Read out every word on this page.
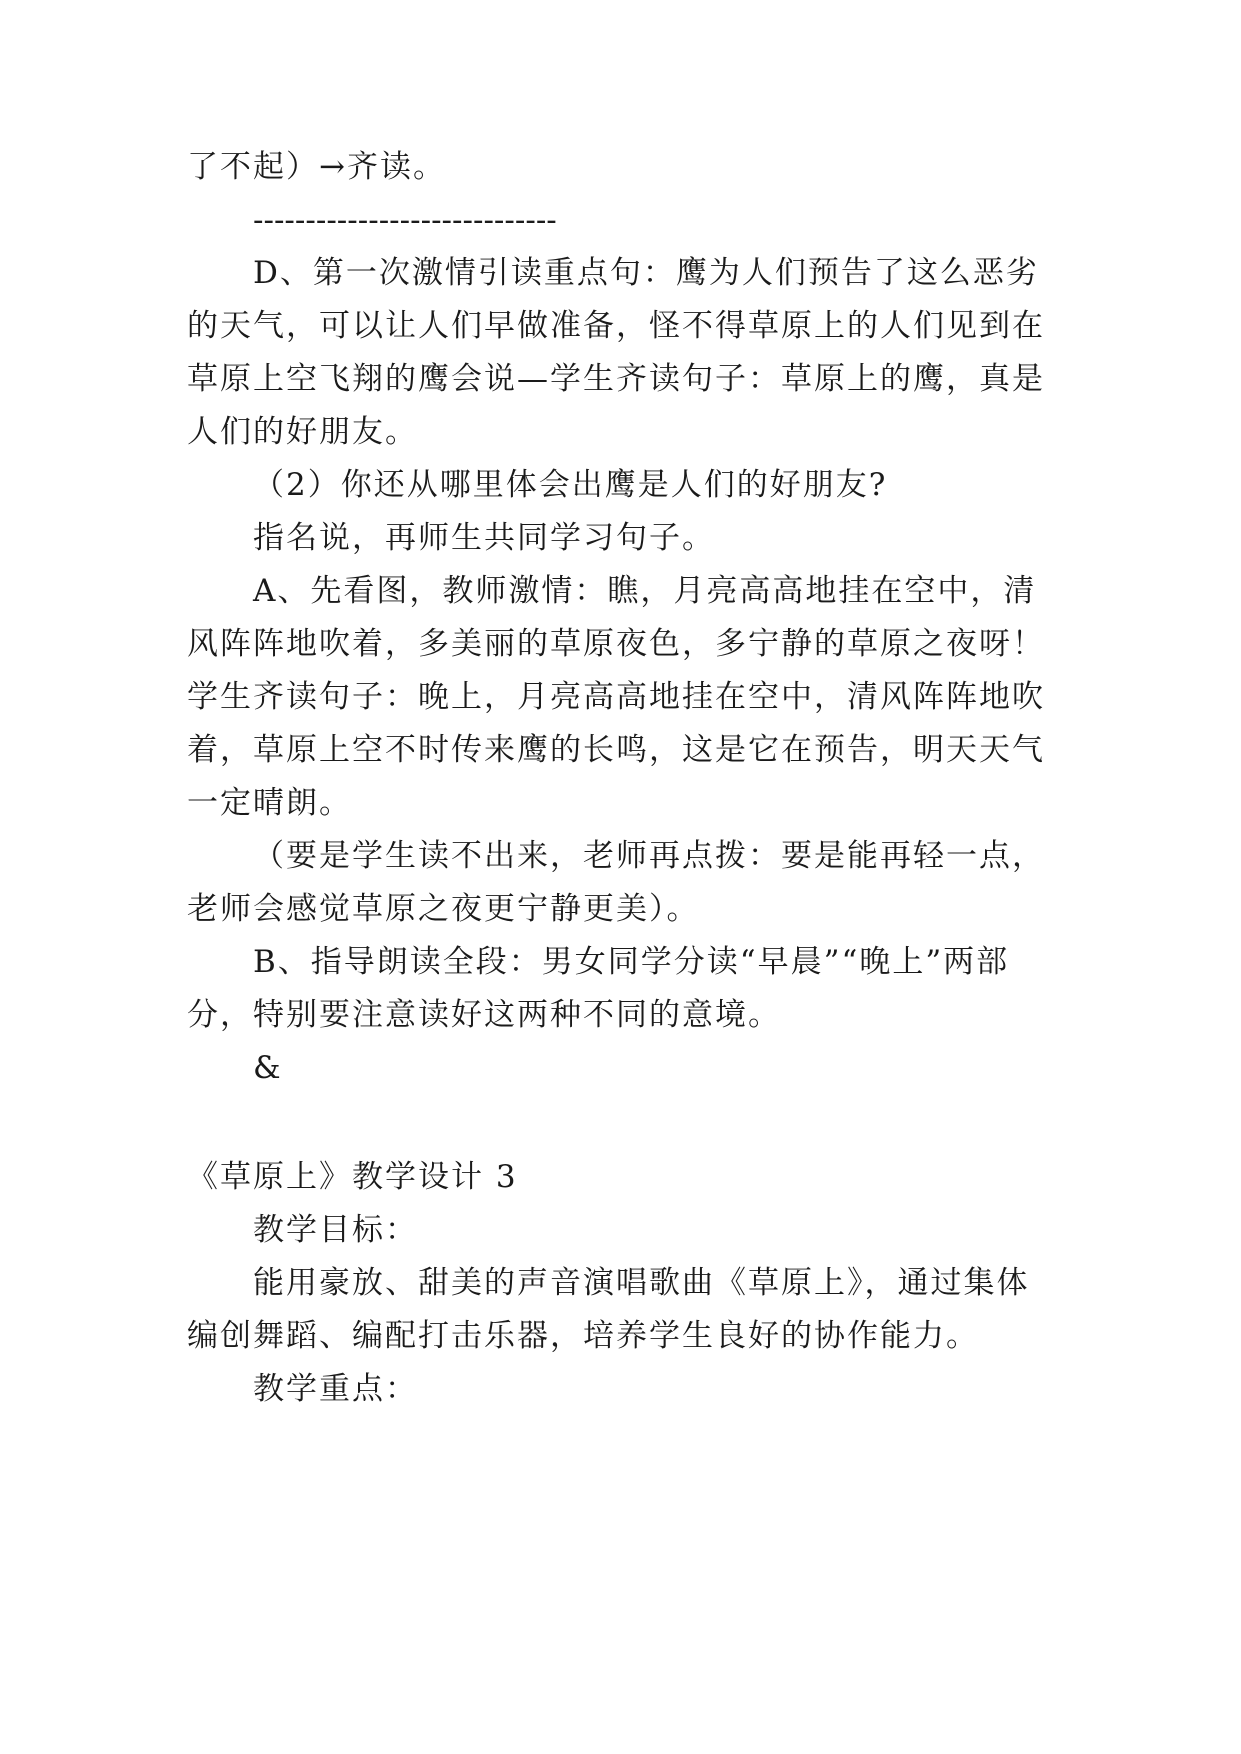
了不起）→齐读。
-----------------------------
D、第一次激情引读重点句：鹰为人们预告了这么恶劣
的天气，可以让人们早做准备，怪不得草原上的人们见到在
草原上空飞翔的鹰会说—学生齐读句子：草原上的鹰，真是
人们的好朋友。
（2）你还从哪里体会出鹰是人们的好朋友?
指名说，再师生共同学习句子。
A、先看图，教师激情：瞧，月亮高高地挂在空中，清
风阵阵地吹着，多美丽的草原夜色，多宁静的草原之夜呀！
学生齐读句子：晚上，月亮高高地挂在空中，清风阵阵地吹
着，草原上空不时传来鹰的长鸣，这是它在预告，明天天气
一定晴朗。
（要是学生读不出来，老师再点拨：要是能再轻一点，
老师会感觉草原之夜更宁静更美）。
B、指导朗读全段：男女同学分读“早晨”“晚上”两部
分，特别要注意读好这两种不同的意境。
&
《草原上》教学设计 3
教学目标：
能用豪放、甜美的声音演唱歌曲《草原上》，通过集体
编创舞蹈、编配打击乐器，培养学生良好的协作能力。
教学重点：
